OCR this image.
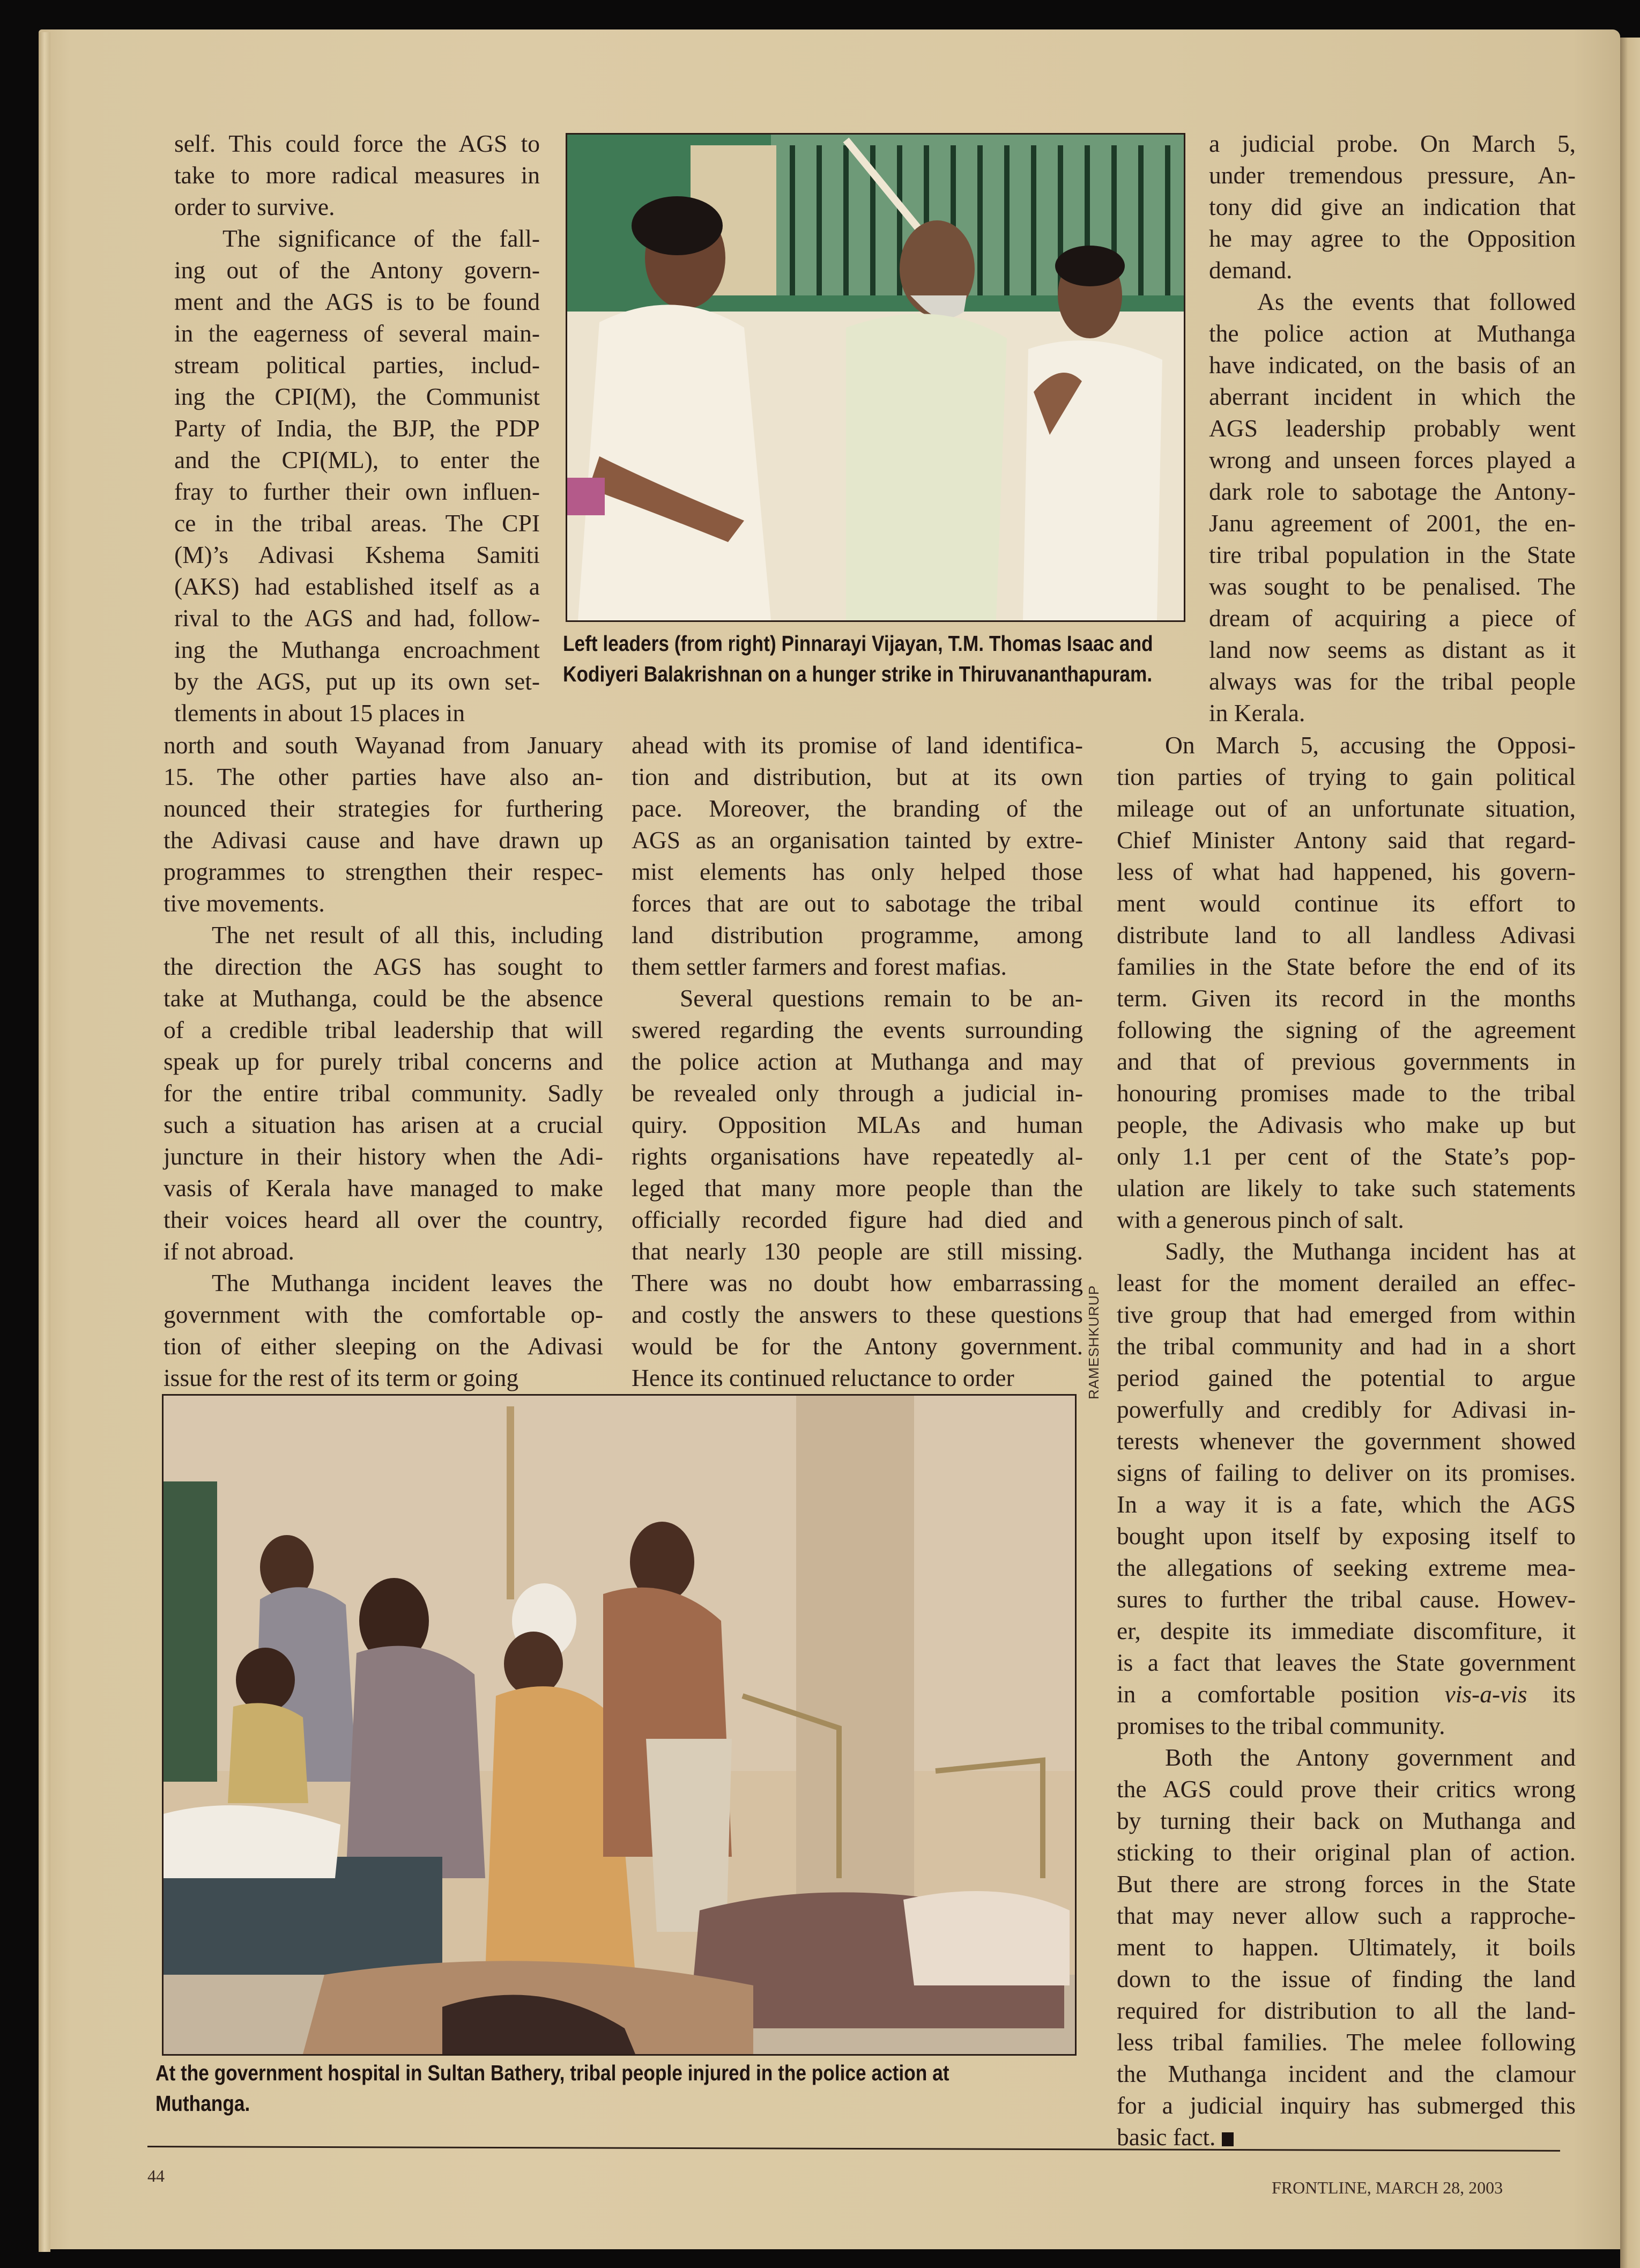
self. This could force the AGS to
take to more radical measures in
order to survive.
The significance of the fall-
ing out of the Antony govern-
ment and the AGS is to be found
in the eagerness of several main-
stream political parties, includ-
ing the CPI(M), the Communist
Party of India, the BJP, the PDP
and the CPI(ML), to enter the
fray to further their own influen-
ce in the tribal areas. The CPI
(M)’s Adivasi Kshema Samiti
(AKS) had established itself as a
rival to the AGS and had, follow-
ing the Muthanga encroachment
by the AGS, put up its own set-
tlements in about 15 places in
north and south Wayanad from January
15. The other parties have also an-
nounced their strategies for furthering
the Adivasi cause and have drawn up
programmes to strengthen their respec-
tive movements.
The net result of all this, including
the direction the AGS has sought to
take at Muthanga, could be the absence
of a credible tribal leadership that will
speak up for purely tribal concerns and
for the entire tribal community. Sadly
such a situation has arisen at a crucial
juncture in their history when the Adi-
vasis of Kerala have managed to make
their voices heard all over the country,
if not abroad.
The Muthanga incident leaves the
government with the comfortable op-
tion of either sleeping on the Adivasi
issue for the rest of its term or going
ahead with its promise of land identifica-
tion and distribution, but at its own
pace. Moreover, the branding of the
AGS as an organisation tainted by extre-
mist elements has only helped those
forces that are out to sabotage the tribal
land distribution programme, among
them settler farmers and forest mafias.
Several questions remain to be an-
swered regarding the events surrounding
the police action at Muthanga and may
be revealed only through a judicial in-
quiry. Opposition MLAs and human
rights organisations have repeatedly al-
leged that many more people than the
officially recorded figure had died and
that nearly 130 people are still missing.
There was no doubt how embarrassing
and costly the answers to these questions
would be for the Antony government.
Hence its continued reluctance to order
a judicial probe. On March 5,
under tremendous pressure, An-
tony did give an indication that
he may agree to the Opposition
demand.
As the events that followed
the police action at Muthanga
have indicated, on the basis of an
aberrant incident in which the
AGS leadership probably went
wrong and unseen forces played a
dark role to sabotage the Antony-
Janu agreement of 2001, the en-
tire tribal population in the State
was sought to be penalised. The
dream of acquiring a piece of
land now seems as distant as it
always was for the tribal people
in Kerala.
On March 5, accusing the Opposi-
tion parties of trying to gain political
mileage out of an unfortunate situation,
Chief Minister Antony said that regard-
less of what had happened, his govern-
ment would continue its effort to
distribute land to all landless Adivasi
families in the State before the end of its
term. Given its record in the months
following the signing of the agreement
and that of previous governments in
honouring promises made to the tribal
people, the Adivasis who make up but
only 1.1 per cent of the State’s pop-
ulation are likely to take such statements
with a generous pinch of salt.
Sadly, the Muthanga incident has at
least for the moment derailed an effec-
tive group that had emerged from within
the tribal community and had in a short
period gained the potential to argue
powerfully and credibly for Adivasi in-
terests whenever the government showed
signs of failing to deliver on its promises.
In a way it is a fate, which the AGS
bought upon itself by exposing itself to
the allegations of seeking extreme mea-
sures to further the tribal cause. Howev-
er, despite its immediate discomfiture, it
is a fact that leaves the State government
in a comfortable position vis-a-vis its
promises to the tribal community.
Both the Antony government and
the AGS could prove their critics wrong
by turning their back on Muthanga and
sticking to their original plan of action.
But there are strong forces in the State
that may never allow such a rapproche-
ment to happen. Ultimately, it boils
down to the issue of finding the land
required for distribution to all the land-
less tribal families. The melee following
the Muthanga incident and the clamour
for a judicial inquiry has submerged this
basic fact.
Left leaders (from right) Pinnarayi Vijayan, T.M. Thomas Isaac and Kodiyeri Balakrishnan on a hunger strike in Thiruvananthapuram.
RAMESHKURUP
At the government hospital in Sultan Bathery, tribal people injured in the police action at Muthanga.
44
FRONTLINE, MARCH 28, 2003
